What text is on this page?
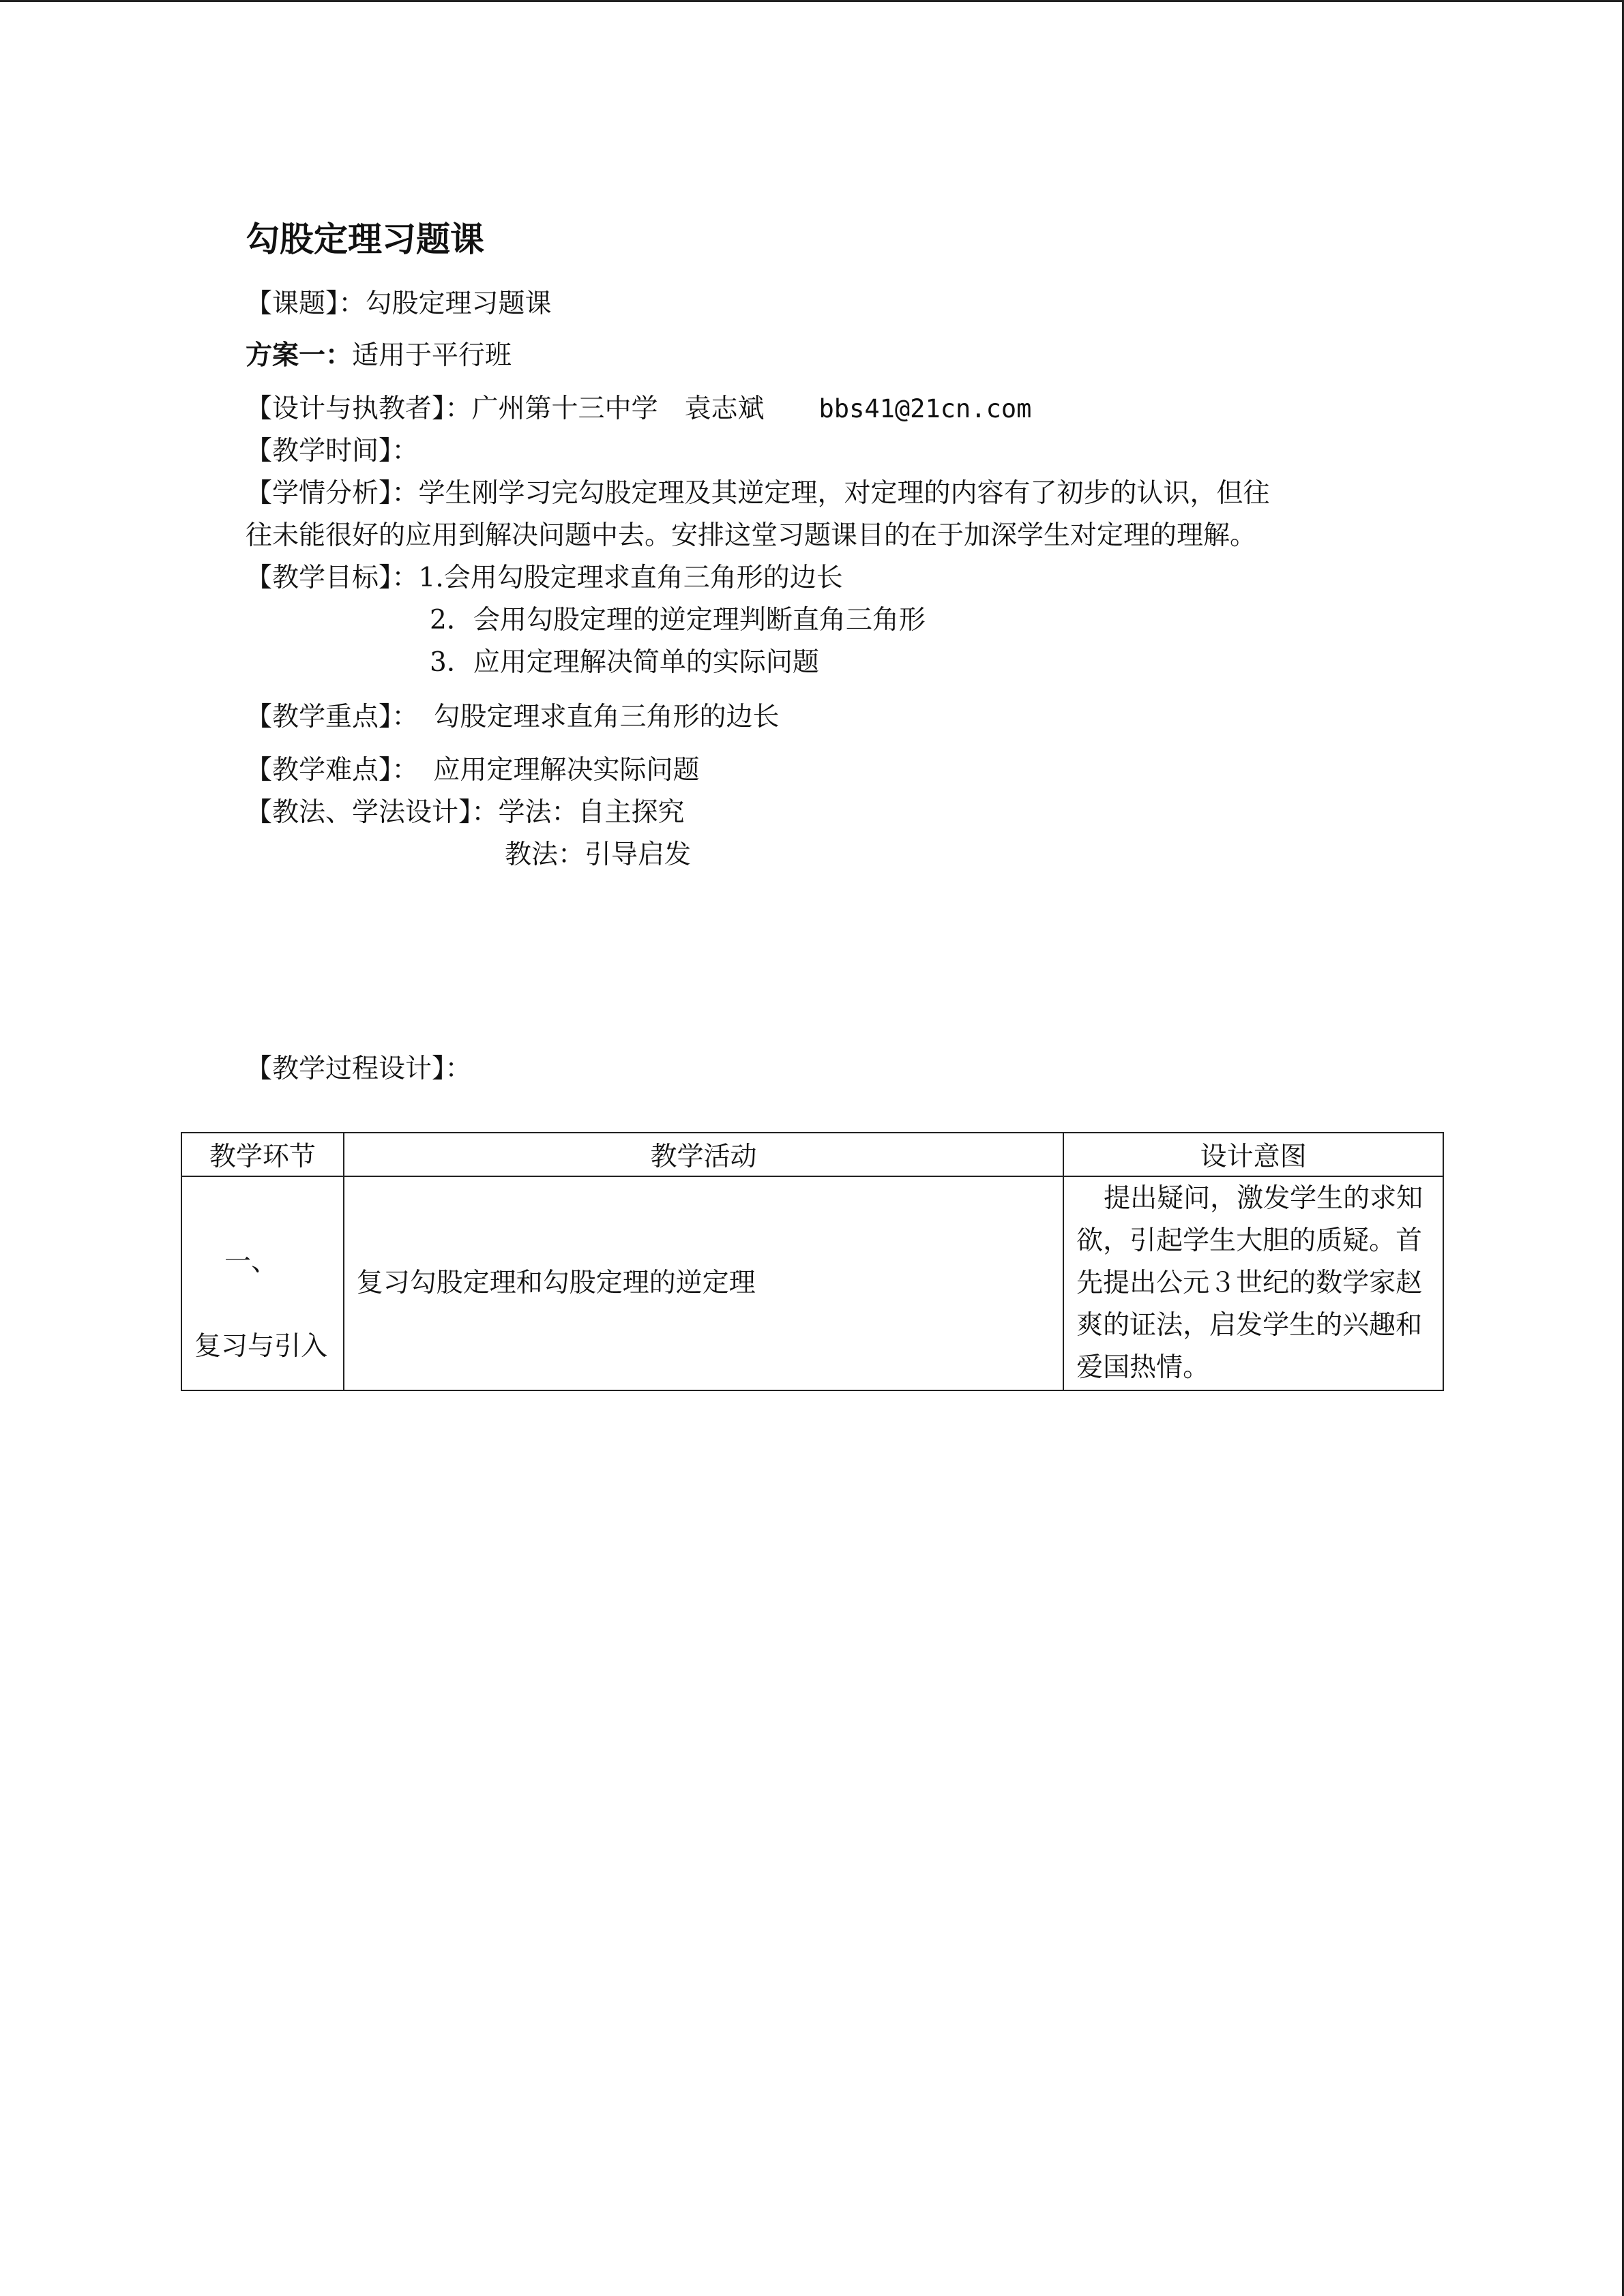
勾股定理习题课
【课题】：勾股定理习题课
方案一：适用于平行班
【设计与执教者】：广州第十三中学　袁志斌 bbs41@21cn.com
【教学时间】：
【学情分析】：学生刚学习完勾股定理及其逆定理，对定理的内容有了初步的认识，但往
往未能很好的应用到解决问题中去。安排这堂习题课目的在于加深学生对定理的理解。
【教学目标】：1.会用勾股定理求直角三角形的边长
2．会用勾股定理的逆定理判断直角三角形
3．应用定理解决简单的实际问题
【教学重点】： 勾股定理求直角三角形的边长
【教学难点】： 应用定理解决实际问题
【教法、学法设计】：学法：自主探究
教法：引导启发
【教学过程设计】：
教学环节	教学活动	设计意图

一、

复习与引入	复习勾股定理和勾股定理的逆定理	提出疑问，激发学生的求知欲，引起学生大胆的质疑。首先提出公元３世纪的数学家赵爽的证法，启发学生的兴趣和爱国热情。
